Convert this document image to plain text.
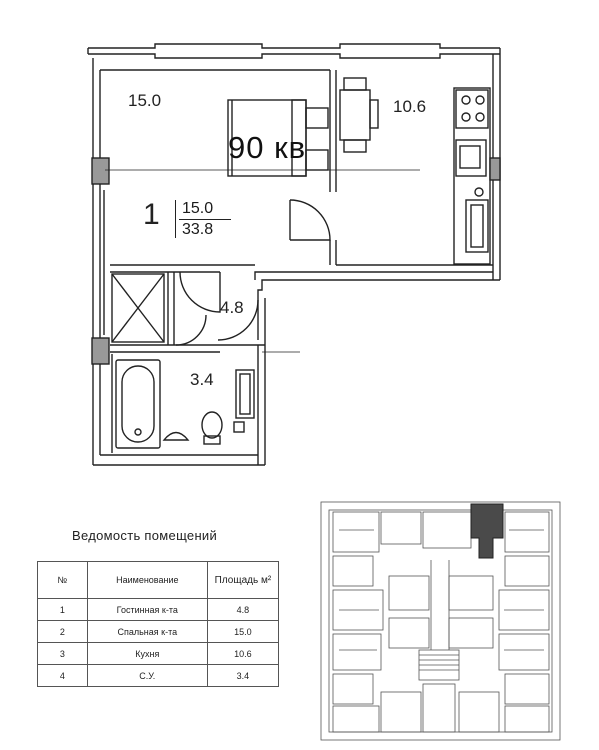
15.0	10.6
4.8
3.4
90 кв
1 15.0
33.8
Ведомость помещений
№	Наименование	Площадь м²
1	Гостинная к-та	4.8
2	Спальная к-та	15.0
3	Кухня	10.6
4	С.У.	3.4
